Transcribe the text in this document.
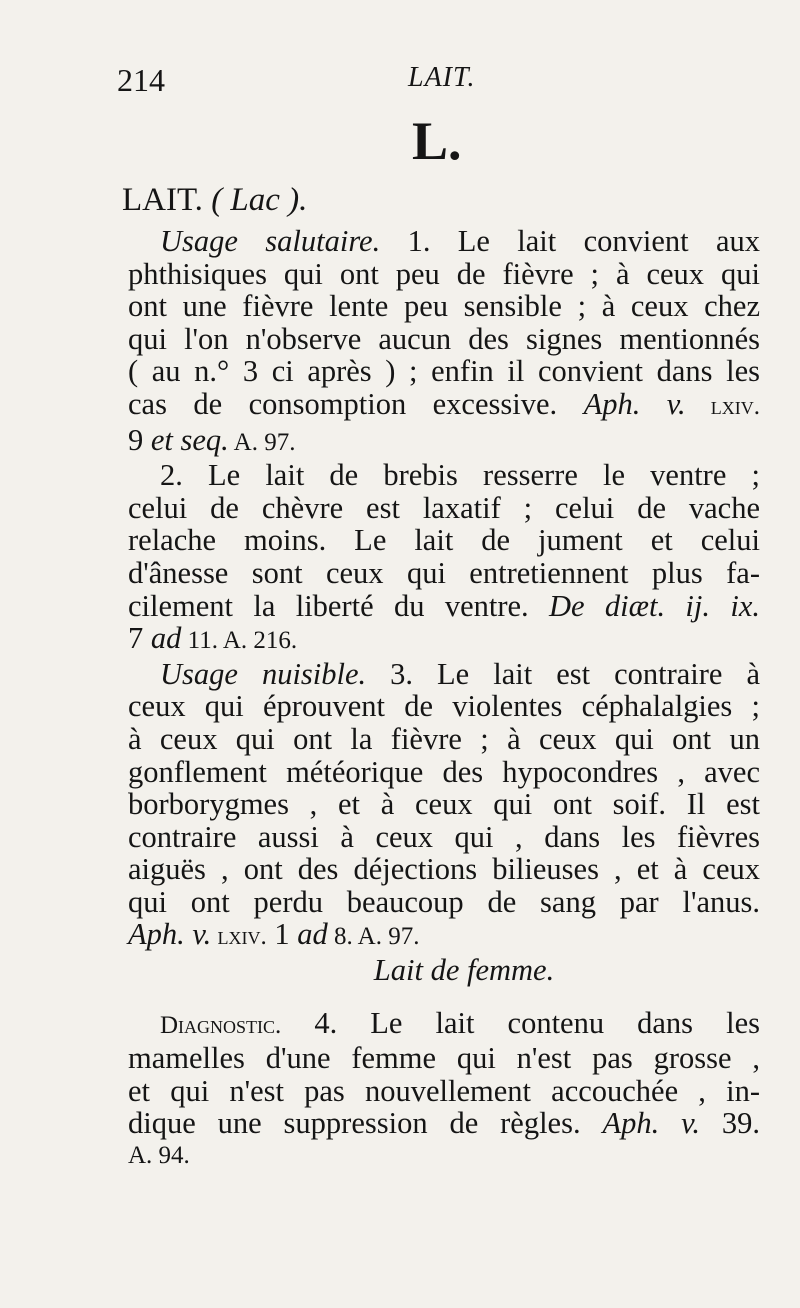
214	LAIT.
L.
LAIT. ( Lac ).

Usage salutaire. 1. Le lait convient aux
phthisiques qui ont peu de fièvre ; à ceux qui
ont une fièvre lente peu sensible ; à ceux chez
qui l'on n'observe aucun des signes mentionnés
( au n.° 3 ci après ) ; enfin il convient dans les
cas de consomption excessive. Aph. v. lxiv.
9 et seq. A. 97.

2. Le lait de brebis resserre le ventre ;
celui de chèvre est laxatif ; celui de vache
relache moins. Le lait de jument et celui
d'ânesse sont ceux qui entretiennent plus fa-
cilement la liberté du ventre. De diæt. ij. ix.
7 ad 11. A. 216.

Usage nuisible. 3. Le lait est contraire à
ceux qui éprouvent de violentes céphalalgies ;
à ceux qui ont la fièvre ; à ceux qui ont un
gonflement météorique des hypocondres , avec
borborygmes , et à ceux qui ont soif. Il est
contraire aussi à ceux qui , dans les fièvres
aiguës , ont des déjections bilieuses , et à ceux
qui ont perdu beaucoup de sang par l'anus.
Aph. v. lxiv. 1 ad 8. A. 97.

Lait de femme.

Diagnostic. 4. Le lait contenu dans les
mamelles d'une femme qui n'est pas grosse ,
et qui n'est pas nouvellement accouchée , in-
dique une suppression de règles. Aph. v. 39.
A. 94.
